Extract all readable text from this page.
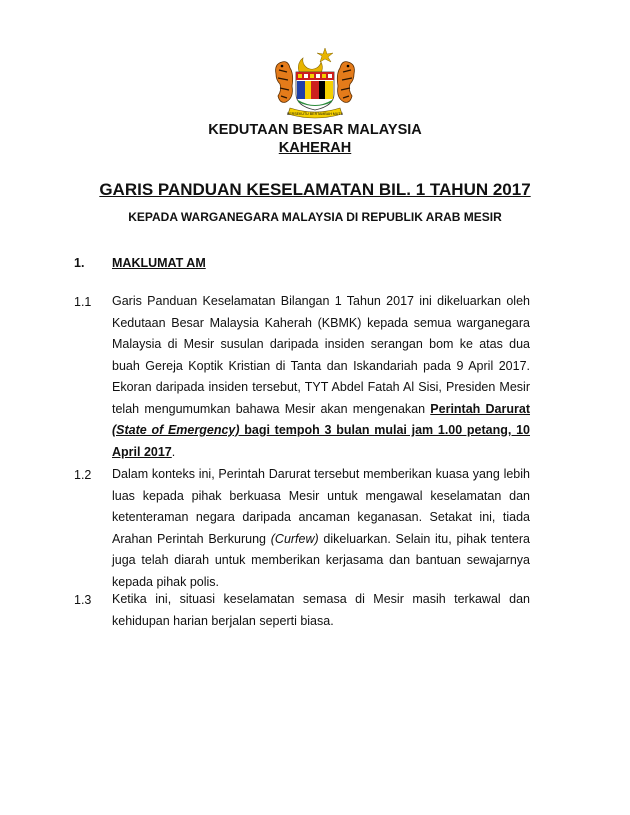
BERSEKUTU BERTAMBAH MUTU
KEDUTAAN BESAR MALAYSIA
KAHERAH
GARIS PANDUAN KESELAMATAN BIL. 1 TAHUN 2017
KEPADA WARGANEGARA MALAYSIA DI REPUBLIK ARAB MESIR
1. MAKLUMAT AM
1.1 Garis Panduan Keselamatan Bilangan 1 Tahun 2017 ini dikeluarkan oleh Kedutaan Besar Malaysia Kaherah (KBMK) kepada semua warganegara Malaysia di Mesir susulan daripada insiden serangan bom ke atas dua buah Gereja Koptik Kristian di Tanta dan Iskandariah pada 9 April 2017. Ekoran daripada insiden tersebut, TYT Abdel Fatah Al Sisi, Presiden Mesir telah mengumumkan bahawa Mesir akan mengenakan Perintah Darurat (State of Emergency) bagi tempoh 3 bulan mulai jam 1.00 petang, 10 April 2017.
1.2 Dalam konteks ini, Perintah Darurat tersebut memberikan kuasa yang lebih luas kepada pihak berkuasa Mesir untuk mengawal keselamatan dan ketenteraman negara daripada ancaman keganasan. Setakat ini, tiada Arahan Perintah Berkurung (Curfew) dikeluarkan. Selain itu, pihak tentera juga telah diarah untuk memberikan kerjasama dan bantuan sewajarnya kepada pihak polis.
1.3 Ketika ini, situasi keselamatan semasa di Mesir masih terkawal dan kehidupan harian berjalan seperti biasa.
